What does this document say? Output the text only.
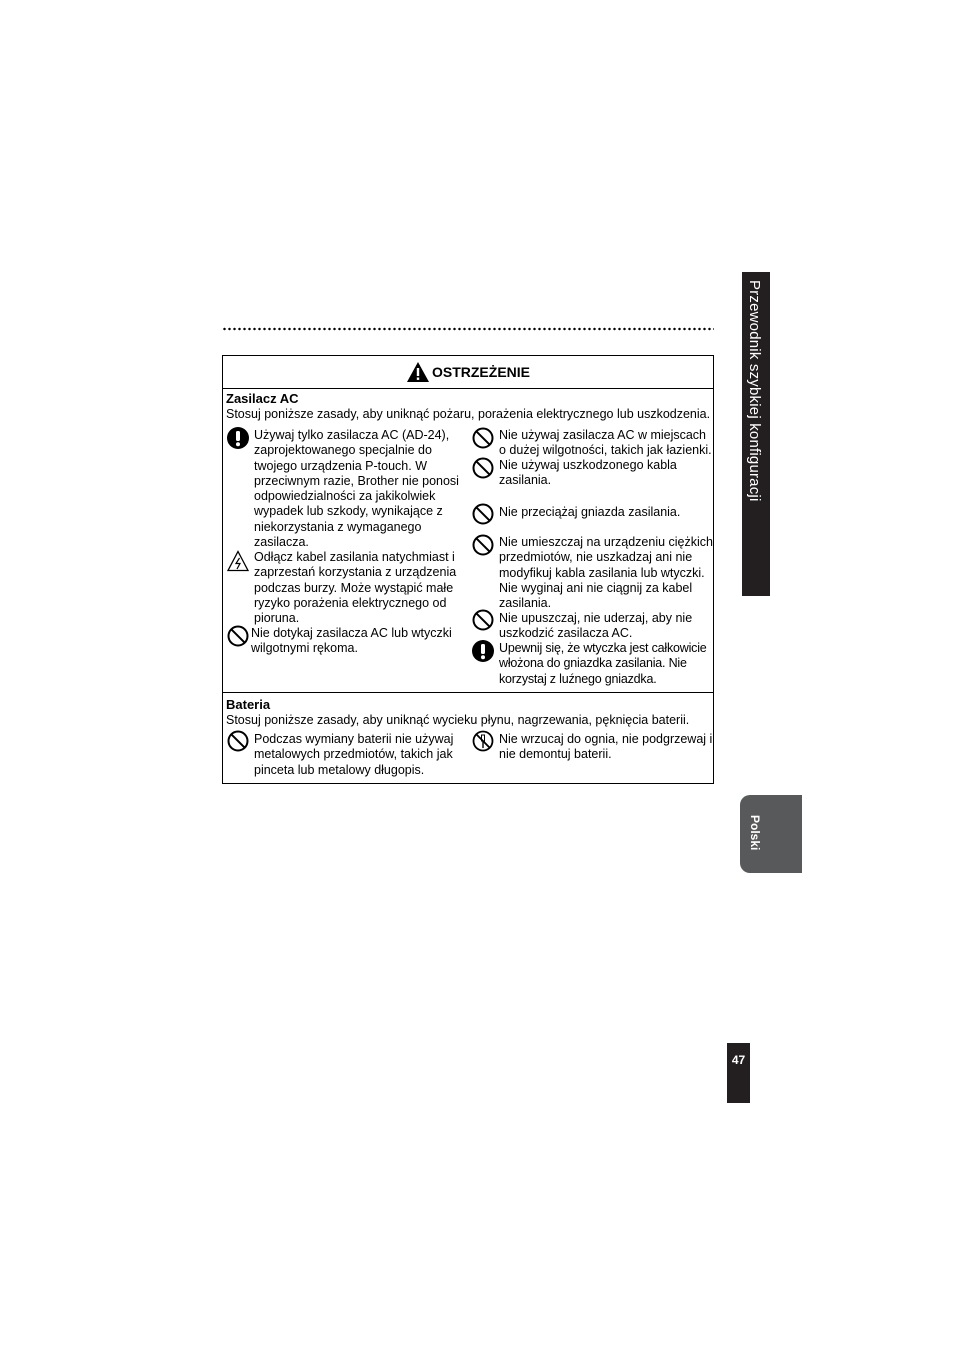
OSTRZEŻENIE
Zasilacz AC
Stosuj poniższe zasady, aby uniknąć pożaru, porażenia elektrycznego lub uszkodzenia.
Używaj tylko zasilacza AC (AD-24), zaprojektowanego specjalnie do twojego urządzenia P-touch. W przeciwnym razie, Brother nie ponosi odpowiedzialności za jakikolwiek wypadek lub szkody, wynikające z niekorzystania z wymaganego zasilacza.
Odłącz kabel zasilania natychmiast i zaprzestań korzystania z urządzenia podczas burzy. Może wystąpić małe ryzyko porażenia elektrycznego od pioruna.
Nie dotykaj zasilacza AC lub wtyczki wilgotnymi rękoma.
Nie używaj zasilacza AC w miejscach o dużej wilgotności, takich jak łazienki.
Nie używaj uszkodzonego kabla zasilania.
Nie przeciążaj gniazda zasilania.
Nie umieszczaj na urządzeniu ciężkich przedmiotów, nie uszkadzaj ani nie modyfikuj kabla zasilania lub wtyczki. Nie wyginaj ani nie ciągnij za kabel zasilania.
Nie upuszczaj, nie uderzaj, aby nie uszkodzić zasilacza AC.
Upewnij się, że wtyczka jest całkowicie włożona do gniazdka zasilania. Nie korzystaj z luźnego gniazdka.
Bateria
Stosuj poniższe zasady, aby uniknąć wycieku płynu, nagrzewania, pęknięcia baterii.
Podczas wymiany baterii nie używaj metalowych przedmiotów, takich jak pinceta lub metalowy długopis.
Nie wrzucaj do ognia, nie podgrzewaj i nie demontuj baterii.
Przewodnik szybkiej konfiguracji
Polski
47
